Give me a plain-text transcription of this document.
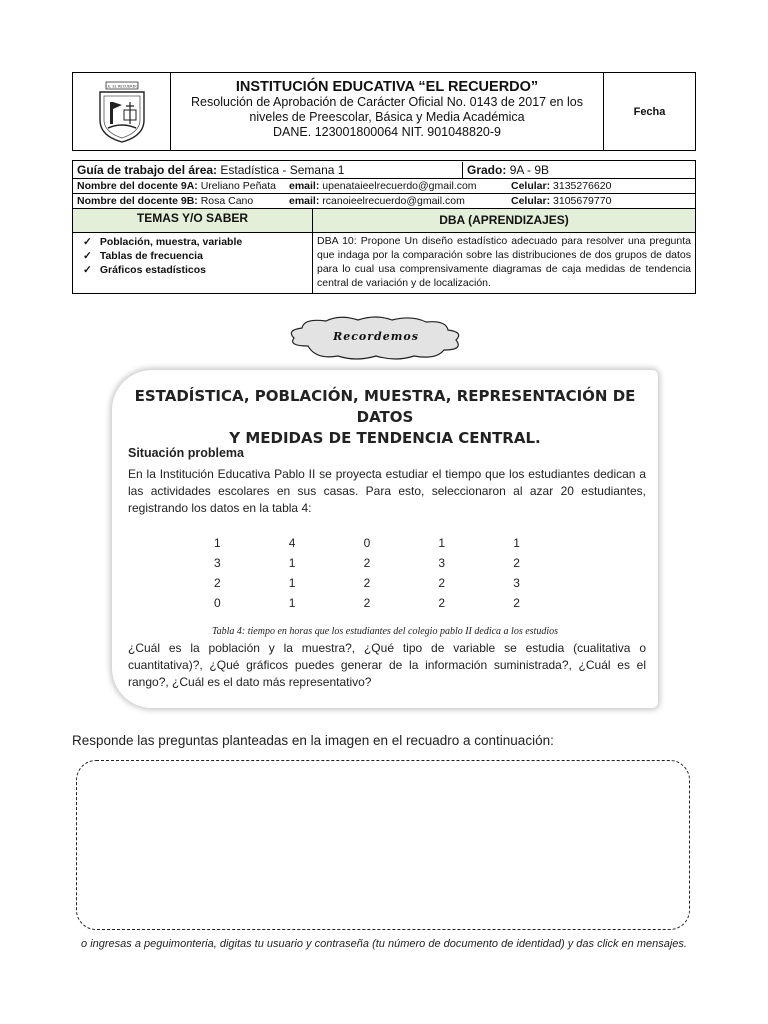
I.E. EL RECUERDO	INSTITUCIÓN EDUCATIVA “EL RECUERDO”
Resolución de Aprobación de Carácter Oficial No. 0143 de 2017 en los
niveles de Preescolar, Básica y Media Académica
DANE. 123001800064 NIT. 901048820-9
Fecha
Guía de trabajo del área: Estadística - Semana 1	Grado: 9A - 9B
Nombre del docente 9A: Ureliano Peñata	email: upenataieelrecuerdo@gmail.com	Celular: 3135276620
Nombre del docente 9B: Rosa Cano	email: rcanoieelrecuerdo@gmail.com	Celular: 3105679770
TEMAS Y/O SABER	DBA (APRENDIZAJES)
✓ Población, muestra, variable
✓ Tablas de frecuencia
✓ Gráficos estadísticos
DBA 10: Propone Un diseño estadístico adecuado para resolver una pregunta que indaga por la comparación sobre las distribuciones de dos grupos de datos para lo cual usa comprensivamente diagramas de caja medidas de tendencia central de variación y de localización.
Recordemos
ESTADÍSTICA, POBLACIÓN, MUESTRA, REPRESENTACIÓN DE DATOS
Y MEDIDAS DE TENDENCIA CENTRAL.
Situación problema
En la Institución Educativa Pablo II se proyecta estudiar el tiempo que los estudiantes dedican a las actividades escolares en sus casas. Para esto, seleccionaron al azar 20 estudiantes, registrando los datos en la tabla 4:
1	4	0	1	1
3	1	2	3	2
2	1	2	2	3
0	1	2	2	2
Tabla 4: tiempo en horas que los estudiantes del colegio pablo II dedica a los estudios
¿Cuál es la población y la muestra?, ¿Qué tipo de variable se estudia (cualitativa o cuantitativa)?, ¿Qué gráficos puedes generar de la información suministrada?, ¿Cuál es el rango?, ¿Cuál es el dato más representativo?
Responde las preguntas planteadas en la imagen en el recuadro a continuación:
o ingresas a peguimonteria, digitas tu usuario y contraseña (tu número de documento de identidad) y das click en mensajes.
